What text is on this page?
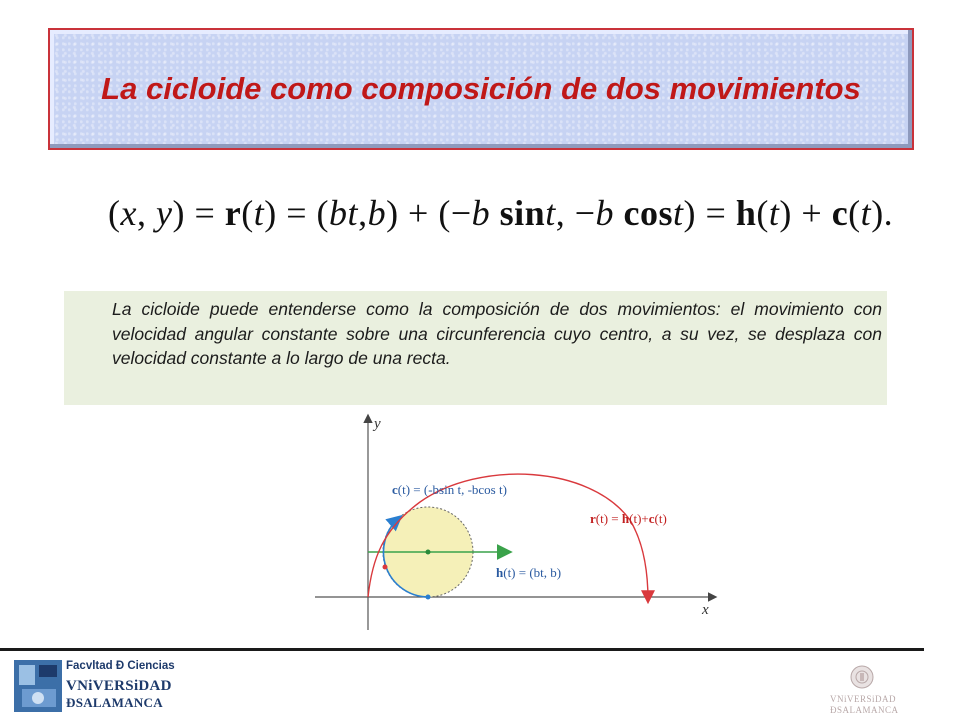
La cicloide como composición de dos movimientos
(x, y) = r(t) = (bt,b) + (−b sint, −b cost) = h(t) + c(t).
La cicloide puede entenderse como la composición de dos movimientos: el movimiento con velocidad angular constante sobre una circunferencia cuyo centro, a su vez, se desplaza con velocidad constante a lo largo de una recta.
y
x
c(t) = (-bsin t, -bcos t)
r(t) = h(t)+c(t)
h(t) = (bt, b)
Facvltad Ð Ciencias
VNiVERSiDAD
ÐSALAMANCA	VNiVERSiDAD
ÐSALAMANCA
